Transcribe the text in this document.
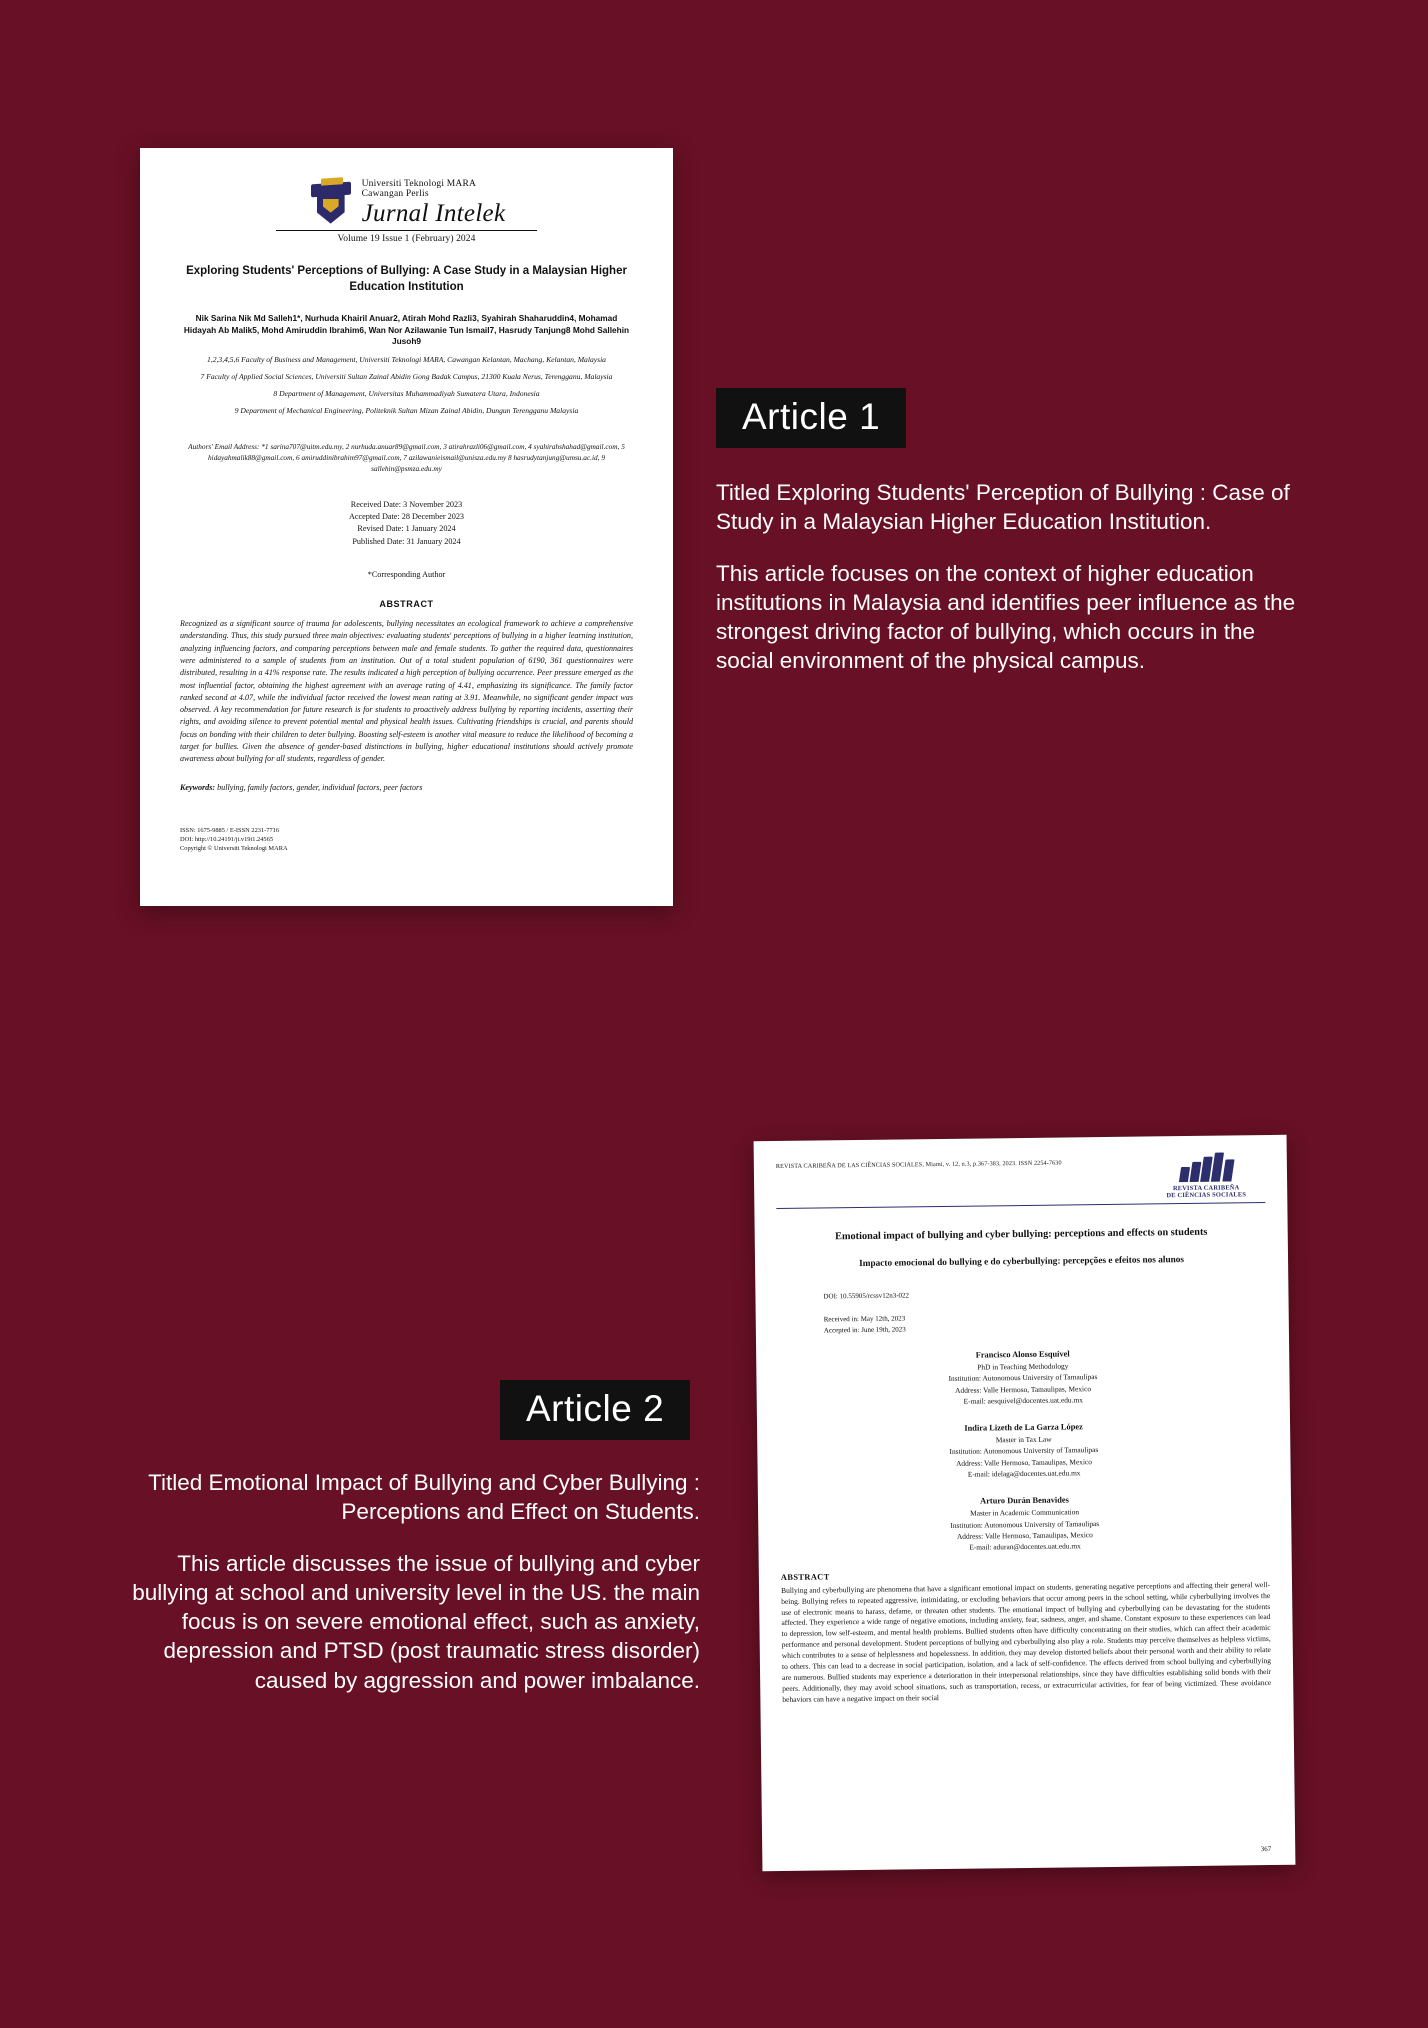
Universiti Teknologi MARA
Cawangan Perlis
Jurnal Intelek
Volume 19 Issue 1 (February) 2024
Exploring Students' Perceptions of Bullying: A Case Study in a Malaysian Higher Education Institution
Nik Sarina Nik Md Salleh1*, Nurhuda Khairil Anuar2, Atirah Mohd Razli3, Syahirah Shaharuddin4, Mohamad Hidayah Ab Malik5, Mohd Amiruddin Ibrahim6, Wan Nor Azilawanie Tun Ismail7, Hasrudy Tanjung8 Mohd Sallehin Jusoh9
1,2,3,4,5,6 Faculty of Business and Management, Universiti Teknologi MARA, Cawangan Kelantan, Machang, Kelantan, Malaysia
7 Faculty of Applied Social Sciences, Universiti Sultan Zainal Abidin Gong Badak Campus, 21300 Kuala Nerus, Terengganu, Malaysia
8 Department of Management, Universitas Muhammadiyah Sumatera Utara, Indonesia
9 Department of Mechanical Engineering, Politeknik Sultan Mizan Zainal Abidin, Dungun Terengganu Malaysia
Authors' Email Address: *1 sarina707@uitm.edu.my, 2 nurhuda.anuar89@gmail.com, 3 atirahrazli06@gmail.com, 4 syahirahshahad@gmail.com, 5 hidayahmalik88@gmail.com, 6 amiruddinibrahim97@gmail.com, 7 azilawanieismail@unisza.edu.my 8 hasrudytanjung@umsu.ac.id, 9 sallehin@psmza.edu.my
Received Date: 3 November 2023
Accepted Date: 28 December 2023
Revised Date: 1 January 2024
Published Date: 31 January 2024
*Corresponding Author
ABSTRACT
Recognized as a significant source of trauma for adolescents, bullying necessitates an ecological framework to achieve a comprehensive understanding. Thus, this study pursued three main objectives: evaluating students' perceptions of bullying in a higher learning institution, analyzing influencing factors, and comparing perceptions between male and female students. To gather the required data, questionnaires were administered to a sample of students from an institution. Out of a total student population of 6190, 361 questionnaires were distributed, resulting in a 41% response rate. The results indicated a high perception of bullying occurrence. Peer pressure emerged as the most influential factor, obtaining the highest agreement with an average rating of 4.41, emphasizing its significance. The family factor ranked second at 4.07, while the individual factor received the lowest mean rating at 3.91. Meanwhile, no significant gender impact was observed. A key recommendation for future research is for students to proactively address bullying by reporting incidents, asserting their rights, and avoiding silence to prevent potential mental and physical health issues. Cultivating friendships is crucial, and parents should focus on bonding with their children to deter bullying. Boosting self-esteem is another vital measure to reduce the likelihood of becoming a target for bullies. Given the absence of gender-based distinctions in bullying, higher educational institutions should actively promote awareness about bullying for all students, regardless of gender.
Keywords: bullying, family factors, gender, individual factors, peer factors
ISSN: 1675-9885 / E-ISSN 2231-7716
DOI: http://10.24191/ji.v19i1.24565
Copyright © Universiti Teknologi MARA
Article 1

Titled Exploring Students' Perception of Bullying : Case of Study in a Malaysian Higher Education Institution.

This article focuses on the context of higher education institutions in Malaysia and identifies peer influence as the strongest driving factor of bullying, which occurs in the social environment of the physical campus.

REVISTA CARIBEÑA DE LAS CIÊNCIAS SOCIALES, Miami, v. 12, n.3, p.367-383, 2023. ISSN 2254-7630
REVISTA CARIBEÑA
DE CIÊNCIAS SOCIALES
Emotional impact of bullying and cyber bullying: perceptions and effects on students
Impacto emocional do bullying e do cyberbullying: percepções e efeitos nos alunos
DOI: 10.55905/rcssv12n3-022
Received in: May 12th, 2023
Accepted in: June 19th, 2023
Francisco Alonso Esquivel
PhD in Teaching Methodology
Institution: Autonomous University of Tamaulipas
Address: Valle Hermoso, Tamaulipas, Mexico
E-mail: aesquivel@docentes.uat.edu.mx
Indira Lizeth de La Garza López
Master in Tax Law
Institution: Autonomous University of Tamaulipas
Address: Valle Hermoso, Tamaulipas, Mexico
E-mail: idelaga@docentes.uat.edu.mx
Arturo Durán Benavides
Master in Academic Communication
Institution: Autonomous University of Tamaulipas
Address: Valle Hermoso, Tamaulipas, Mexico
E-mail: aduran@docentes.uat.edu.mx
ABSTRACT
Bullying and cyberbullying are phenomena that have a significant emotional impact on students, generating negative perceptions and affecting their general well-being. Bullying refers to repeated aggressive, intimidating, or excluding behaviors that occur among peers in the school setting, while cyberbullying involves the use of electronic means to harass, defame, or threaten other students. The emotional impact of bullying and cyberbullying can be devastating for the students affected. They experience a wide range of negative emotions, including anxiety, fear, sadness, anger, and shame. Constant exposure to these experiences can lead to depression, low self-esteem, and mental health problems. Bullied students often have difficulty concentrating on their studies, which can affect their academic performance and personal development. Student perceptions of bullying and cyberbullying also play a role. Students may perceive themselves as helpless victims, which contributes to a sense of helplessness and hopelessness. In addition, they may develop distorted beliefs about their personal worth and their ability to relate to others. This can lead to a decrease in social participation, isolation, and a lack of self-confidence. The effects derived from school bullying and cyberbullying are numerous. Bullied students may experience a deterioration in their interpersonal relationships, since they have difficulties establishing solid bonds with their peers. Additionally, they may avoid school situations, such as transportation, recess, or extracurricular activities, for fear of being victimized. These avoidance behaviors can have a negative impact on their social
367
Article 2

Titled Emotional Impact of Bullying and Cyber Bullying : Perceptions and Effect on Students.

This article discusses the issue of bullying and cyber bullying at school and university level in the US. the main focus is on severe emotional effect, such as anxiety, depression and PTSD (post traumatic stress disorder) caused by aggression and power imbalance.
